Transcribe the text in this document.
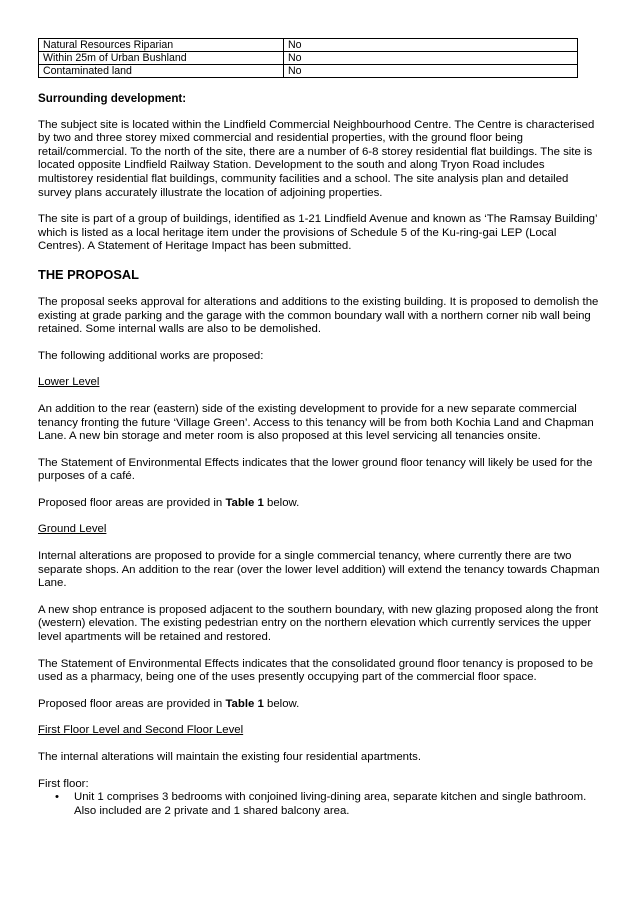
Natural Resources Riparian	No
Within 25m of Urban Bushland	No
Contaminated land	No

Surrounding development:

The subject site is located within the Lindfield Commercial Neighbourhood Centre. The Centre is characterised by two and three storey mixed commercial and residential properties, with the ground floor being retail/commercial. To the north of the site, there are a number of 6-8 storey residential flat buildings. The site is located opposite Lindfield Railway Station. Development to the south and along Tryon Road includes multistorey residential flat buildings, community facilities and a school. The site analysis plan and detailed survey plans accurately illustrate the location of adjoining properties.

The site is part of a group of buildings, identified as 1-21 Lindfield Avenue and known as ‘The Ramsay Building’ which is listed as a local heritage item under the provisions of Schedule 5 of the Ku-ring-gai LEP (Local Centres). A Statement of Heritage Impact has been submitted.

THE PROPOSAL

The proposal seeks approval for alterations and additions to the existing building. It is proposed to demolish the existing at grade parking and the garage with the common boundary wall with a northern corner nib wall being retained. Some internal walls are also to be demolished.

The following additional works are proposed:

Lower Level

An addition to the rear (eastern) side of the existing development to provide for a new separate commercial tenancy fronting the future ‘Village Green’. Access to this tenancy will be from both Kochia Land and Chapman Lane. A new bin storage and meter room is also proposed at this level servicing all tenancies onsite.

The Statement of Environmental Effects indicates that the lower ground floor tenancy will likely be used for the purposes of a café.

Proposed floor areas are provided in Table 1 below.

Ground Level

Internal alterations are proposed to provide for a single commercial tenancy, where currently there are two separate shops. An addition to the rear (over the lower level addition) will extend the tenancy towards Chapman Lane.

A new shop entrance is proposed adjacent to the southern boundary, with new glazing proposed along the front (western) elevation. The existing pedestrian entry on the northern elevation which currently services the upper level apartments will be retained and restored.

The Statement of Environmental Effects indicates that the consolidated ground floor tenancy is proposed to be used as a pharmacy, being one of the uses presently occupying part of the commercial floor space.

Proposed floor areas are provided in Table 1 below.

First Floor Level and Second Floor Level

The internal alterations will maintain the existing four residential apartments.

First floor:

• Unit 1 comprises 3 bedrooms with conjoined living-dining area, separate kitchen and single bathroom. Also included are 2 private and 1 shared balcony area.
